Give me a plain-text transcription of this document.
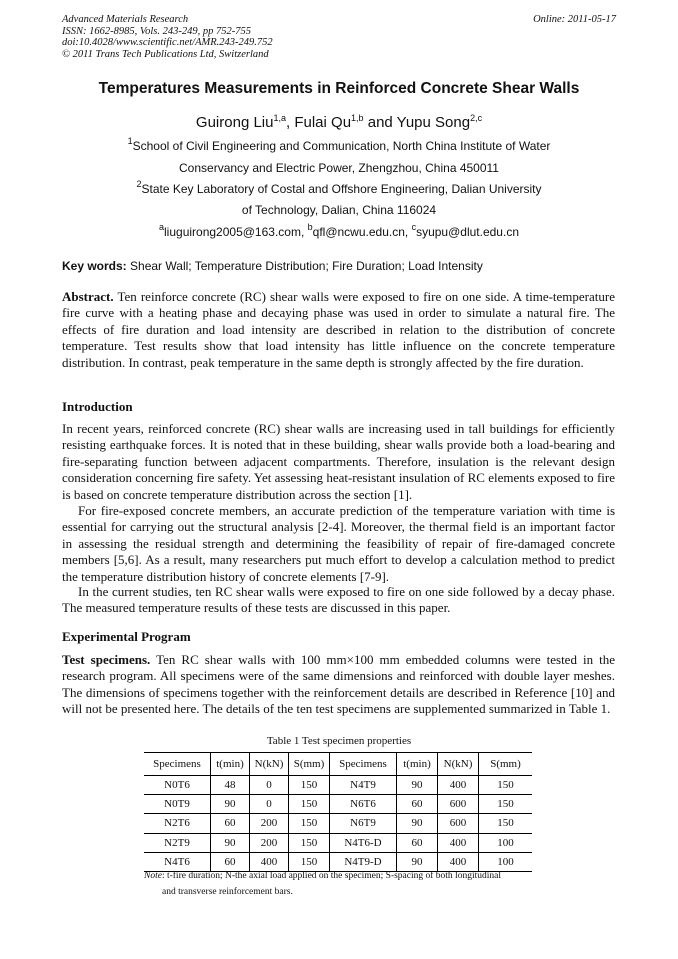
Advanced Materials Research
ISSN: 1662-8985, Vols. 243-249, pp 752-755
doi:10.4028/www.scientific.net/AMR.243-249.752
© 2011 Trans Tech Publications Ltd, Switzerland
Online: 2011-05-17
Temperatures Measurements in Reinforced Concrete Shear Walls
Guirong Liu$^{1,a}$, Fulai Qu$^{1,b}$ and Yupu Song$^{2,c}$
$^1$School of Civil Engineering and Communication, North China Institute of Water
Conservancy and Electric Power, Zhengzhou, China 450011
$^2$State Key Laboratory of Costal and Offshore Engineering, Dalian University
of Technology, Dalian, China 116024
$^a$liuguirong2005@163.com, $^b$qfl@ncwu.edu.cn, $^c$syupu@dlut.edu.cn
Key words: Shear Wall; Temperature Distribution; Fire Duration; Load Intensity
Abstract. Ten reinforce concrete (RC) shear walls were exposed to fire on one side. A time-temperature fire curve with a heating phase and decaying phase was used in order to simulate a natural fire. The effects of fire duration and load intensity are described in relation to the distribution of concrete temperature. Test results show that load intensity has little influence on the concrete temperature distribution. In contrast, peak temperature in the same depth is strongly affected by the fire duration.
Introduction
In recent years, reinforced concrete (RC) shear walls are increasing used in tall buildings for efficiently resisting earthquake forces. It is noted that in these building, shear walls provide both a load-bearing and fire-separating function between adjacent compartments. Therefore, insulation is the relevant design consideration concerning fire safety. Yet assessing heat-resistant insulation of RC elements exposed to fire is based on concrete temperature distribution across the section [1].
For fire-exposed concrete members, an accurate prediction of the temperature variation with time is essential for carrying out the structural analysis [2-4]. Moreover, the thermal field is an important factor in assessing the residual strength and determining the feasibility of repair of fire-damaged concrete members [5,6]. As a result, many researchers put much effort to develop a calculation method to predict the temperature distribution history of concrete elements [7-9].
In the current studies, ten RC shear walls were exposed to fire on one side followed by a decay phase. The measured temperature results of these tests are discussed in this paper.
Experimental Program
Test specimens. Ten RC shear walls with 100 mm×100 mm embedded columns were tested in the research program. All specimens were of the same dimensions and reinforced with double layer meshes. The dimensions of specimens together with the reinforcement details are described in Reference [10] and will not be presented here. The details of the ten test specimens are supplemented summarized in Table 1.
Table 1 Test specimen properties
Specimens	t(min)	N(kN)	S(mm)	Specimens	t(min)	N(kN)	S(mm)
N0T6	48	0	150	N4T9	90	400	150
N0T9	90	0	150	N6T6	60	600	150
N2T6	60	200	150	N6T9	90	600	150
N2T9	90	200	150	N4T6-D	60	400	100
N4T6	60	400	150	N4T9-D	90	400	100
Note: t-fire duration; N-the axial load applied on the specimen; S-spacing of both longitudinal
and transverse reinforcement bars.
